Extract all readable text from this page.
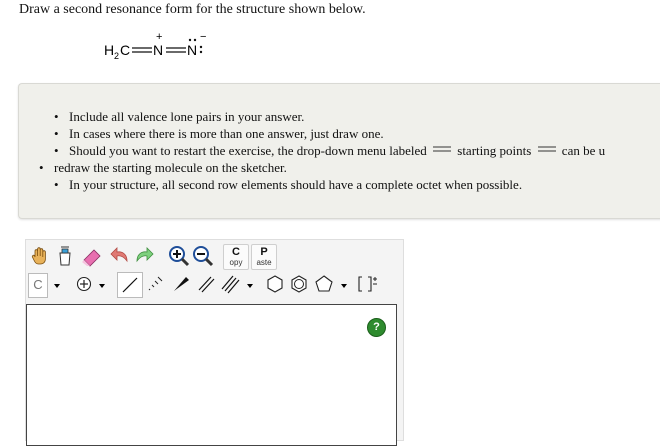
Draw a second resonance form for the structure shown below.
H 2 C N
+
N
−
• Include all valence lone pairs in your answer.
• In cases where there is more than one answer, just draw one.
• Should you want to restart the exercise, the drop-down menu labeled starting points can be u
• redraw the starting molecule on the sketcher.
• In your structure, all second row elements should have a complete octet when possible.
C
opy
P
aste
C
?
